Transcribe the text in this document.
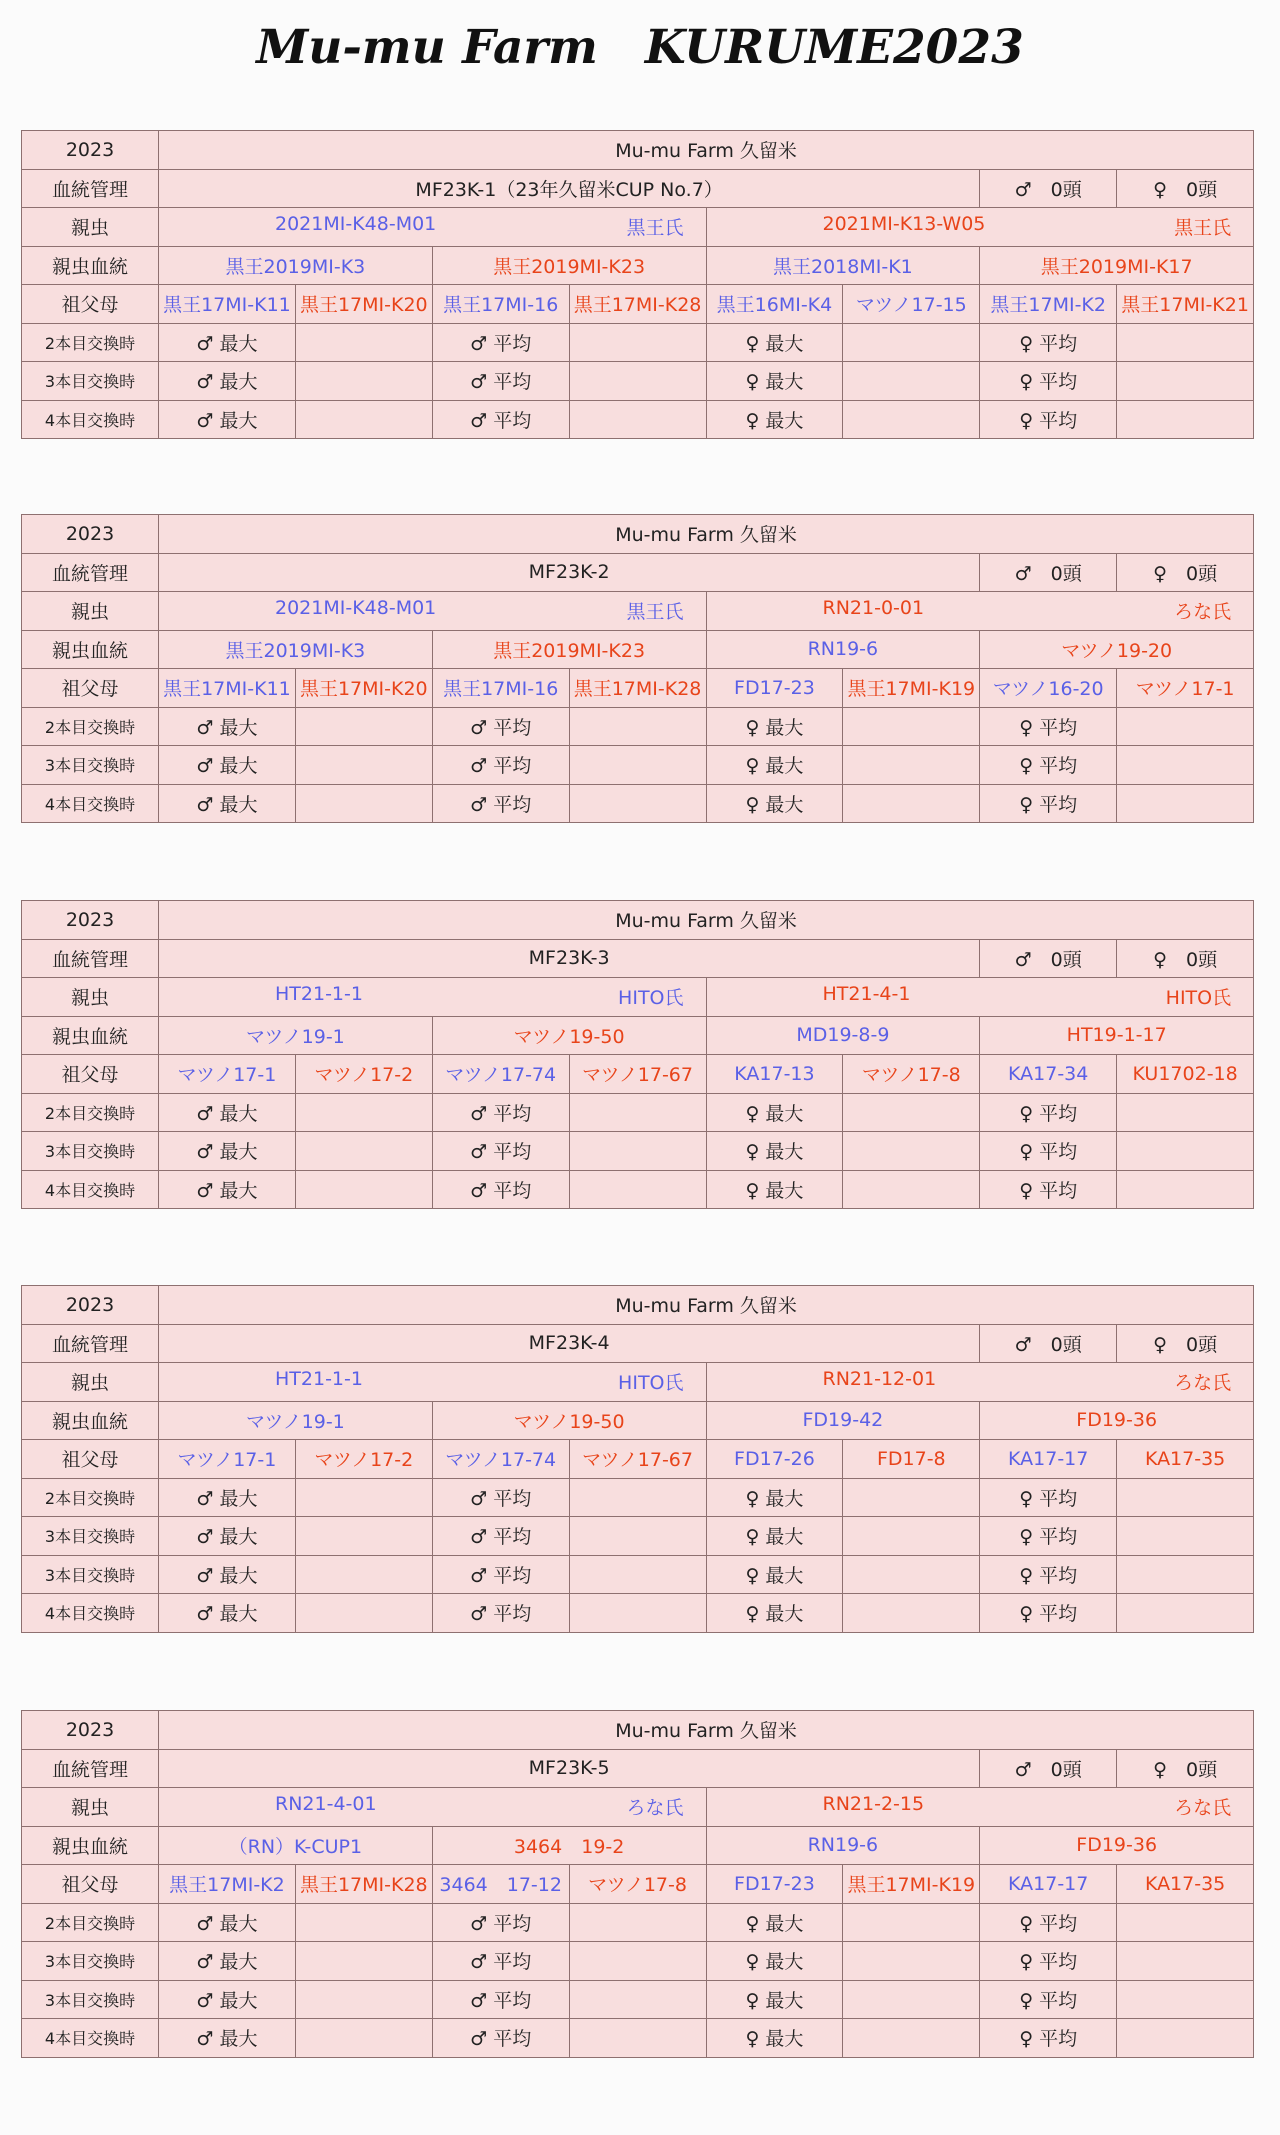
Mu-mu Farm　KURUME2023
2023	Mu-mu Farm 久留米							
血統管理	MF23K-1（23年久留米CUP No.7）						♂　0頭	♀　0頭
親虫	2021MI-K48-M01 黒王氏				2021MI-K13-W05 黒王氏			

親虫血統	黒王2019MI-K3		黒王2019MI-K23		黒王2018MI-K1		黒王2019MI-K17	
祖父母	黒王17MI-K11	黒王17MI-K20	黒王17MI-16	黒王17MI-K28	黒王16MI-K4	マツノ17-15	黒王17MI-K2	黒王17MI-K21
2本目交換時	♂ 最大		♂ 平均		♀ 最大		♀ 平均	
3本目交換時	♂ 最大		♂ 平均		♀ 最大		♀ 平均	
4本目交換時	♂ 最大		♂ 平均		♀ 最大		♀ 平均	
2023	Mu-mu Farm 久留米							
血統管理	MF23K-2						♂　0頭	♀　0頭
親虫	2021MI-K48-M01 黒王氏				RN21-0-01 ろな氏			

親虫血統	黒王2019MI-K3		黒王2019MI-K23		RN19-6		マツノ19-20	
祖父母	黒王17MI-K11	黒王17MI-K20	黒王17MI-16	黒王17MI-K28	FD17-23	黒王17MI-K19	マツノ16-20	マツノ17-1
2本目交換時	♂ 最大		♂ 平均		♀ 最大		♀ 平均	
3本目交換時	♂ 最大		♂ 平均		♀ 最大		♀ 平均	
4本目交換時	♂ 最大		♂ 平均		♀ 最大		♀ 平均	
2023	Mu-mu Farm 久留米							
血統管理	MF23K-3						♂　0頭	♀　0頭
親虫	HT21-1-1 HITO氏				HT21-4-1 HITO氏			

親虫血統	マツノ19-1		マツノ19-50		MD19-8-9		HT19-1-17	
祖父母	マツノ17-1	マツノ17-2	マツノ17-74	マツノ17-67	KA17-13	マツノ17-8	KA17-34	KU1702-18
2本目交換時	♂ 最大		♂ 平均		♀ 最大		♀ 平均	
3本目交換時	♂ 最大		♂ 平均		♀ 最大		♀ 平均	
4本目交換時	♂ 最大		♂ 平均		♀ 最大		♀ 平均	
2023	Mu-mu Farm 久留米							
血統管理	MF23K-4						♂　0頭	♀　0頭
親虫	HT21-1-1 HITO氏				RN21-12-01 ろな氏			

親虫血統	マツノ19-1		マツノ19-50		FD19-42		FD19-36	
祖父母	マツノ17-1	マツノ17-2	マツノ17-74	マツノ17-67	FD17-26	FD17-8	KA17-17	KA17-35
2本目交換時	♂ 最大		♂ 平均		♀ 最大		♀ 平均	
3本目交換時	♂ 最大		♂ 平均		♀ 最大		♀ 平均	
3本目交換時	♂ 最大		♂ 平均		♀ 最大		♀ 平均	
4本目交換時	♂ 最大		♂ 平均		♀ 最大		♀ 平均	
2023	Mu-mu Farm 久留米							
血統管理	MF23K-5						♂　0頭	♀　0頭
親虫	RN21-4-01 ろな氏				RN21-2-15 ろな氏			

親虫血統	（RN）K-CUP1		3464　19-2		RN19-6		FD19-36	
祖父母	黒王17MI-K2	黒王17MI-K28	3464　17-12	マツノ17-8	FD17-23	黒王17MI-K19	KA17-17	KA17-35
2本目交換時	♂ 最大		♂ 平均		♀ 最大		♀ 平均	
3本目交換時	♂ 最大		♂ 平均		♀ 最大		♀ 平均	
3本目交換時	♂ 最大		♂ 平均		♀ 最大		♀ 平均	
4本目交換時	♂ 最大		♂ 平均		♀ 最大		♀ 平均	
